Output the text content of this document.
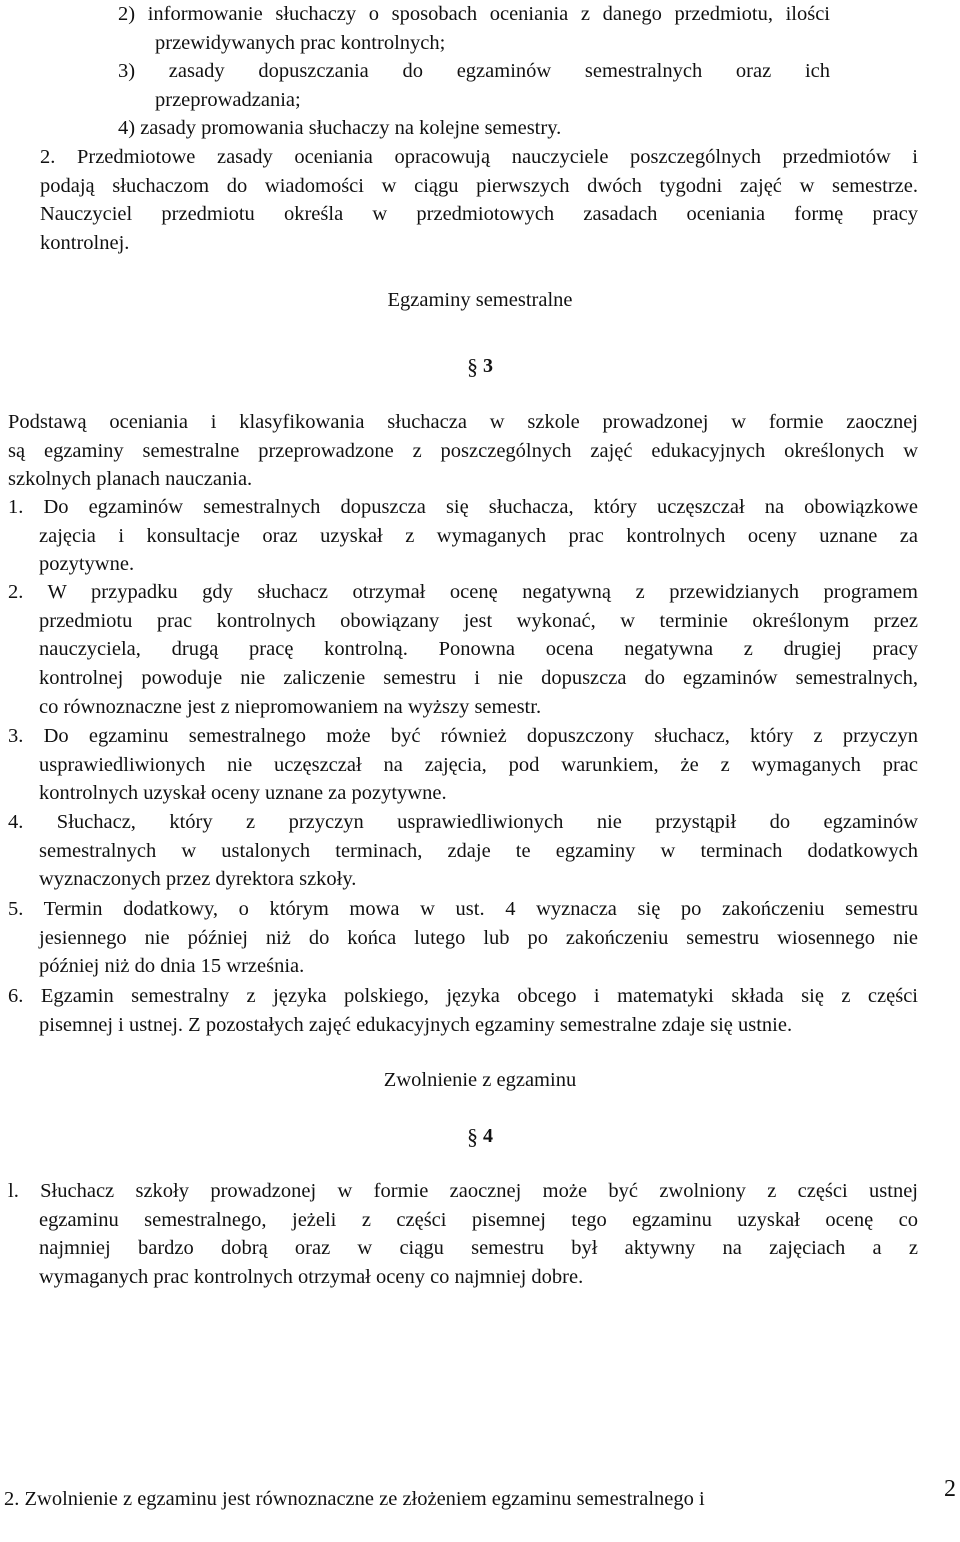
2) informowanie słuchaczy o sposobach oceniania z danego przedmiotu, ilości
przewidywanych prac kontrolnych;
3) zasady dopuszczania do egzaminów semestralnych oraz ich
przeprowadzania;
4) zasady promowania słuchaczy na kolejne semestry.
2. Przedmiotowe zasady oceniania opracowują nauczyciele poszczególnych przedmiotów i
podają słuchaczom do wiadomości w ciągu pierwszych dwóch tygodni zajęć w semestrze.
Nauczyciel przedmiotu określa w przedmiotowych zasadach oceniania formę pracy
kontrolnej.
Egzaminy semestralne
§ 3
Podstawą oceniania i klasyfikowania słuchacza w szkole prowadzonej w formie zaocznej
są egzaminy semestralne przeprowadzone z poszczególnych zajęć edukacyjnych określonych w
szkolnych planach nauczania.
1. Do egzaminów semestralnych dopuszcza się słuchacza, który uczęszczał na obowiązkowe
zajęcia i konsultacje oraz uzyskał z wymaganych prac kontrolnych oceny uznane za
pozytywne.
2. W przypadku gdy słuchacz otrzymał ocenę negatywną z przewidzianych programem
przedmiotu prac kontrolnych obowiązany jest wykonać, w terminie określonym przez
nauczyciela, drugą pracę kontrolną. Ponowna ocena negatywna z drugiej pracy
kontrolnej powoduje nie zaliczenie semestru i nie dopuszcza do egzaminów semestralnych,
co równoznaczne jest z niepromowaniem na wyższy semestr.
3. Do egzaminu semestralnego może być również dopuszczony słuchacz, który z przyczyn
usprawiedliwionych nie uczęszczał na zajęcia, pod warunkiem, że z wymaganych prac
kontrolnych uzyskał oceny uznane za pozytywne.
4. Słuchacz, który z przyczyn usprawiedliwionych nie przystąpił do egzaminów
semestralnych w ustalonych terminach, zdaje te egzaminy w terminach dodatkowych
wyznaczonych przez dyrektora szkoły.
5. Termin dodatkowy, o którym mowa w ust. 4 wyznacza się po zakończeniu semestru
jesiennego nie później niż do końca lutego lub po zakończeniu semestru wiosennego nie
później niż do dnia 15 września.
6. Egzamin semestralny z języka polskiego, języka obcego i matematyki składa się z części
pisemnej i ustnej. Z pozostałych zajęć edukacyjnych egzaminy semestralne zdaje się ustnie.
Zwolnienie z egzaminu
§ 4
l. Słuchacz szkoły prowadzonej w formie zaocznej może być zwolniony z części ustnej
egzaminu semestralnego, jeżeli z części pisemnej tego egzaminu uzyskał ocenę co
najmniej bardzo dobrą oraz w ciągu semestru był aktywny na zajęciach a z
wymaganych prac kontrolnych otrzymał oceny co najmniej dobre.
2. Zwolnienie z egzaminu jest równoznaczne ze złożeniem egzaminu semestralnego i	2
